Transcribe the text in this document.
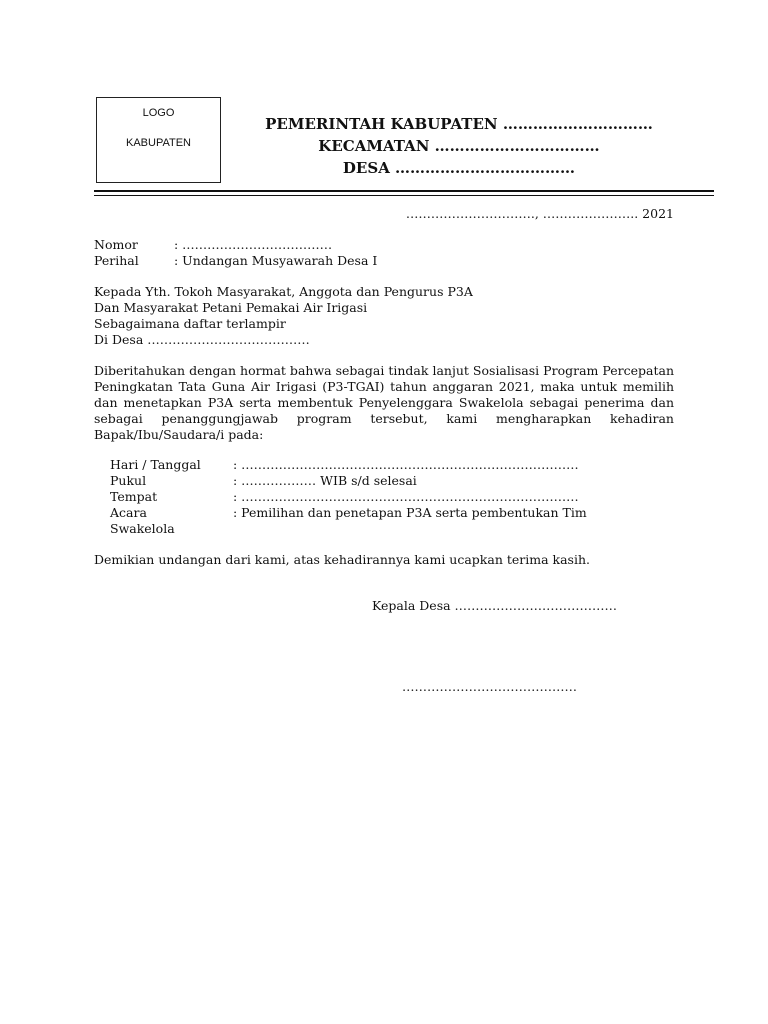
LOGO
KABUPATEN
PEMERINTAH KABUPATEN …………………………
KECAMATAN ……………………………
DESA ………………………………
…………………………., ………………….. 2021
Nomor	: ………………………………
Perihal	: Undangan Musyawarah Desa I
Kepada Yth. Tokoh Masyarakat, Anggota dan Pengurus P3A
Dan Masyarakat Petani Pemakai Air Irigasi
Sebagaimana daftar terlampir
Di Desa …………………………………
Diberitahukan dengan hormat bahwa sebagai tindak lanjut Sosialisasi Program Percepatan Peningkatan Tata Guna Air Irigasi (P3-TGAI) tahun anggaran 2021, maka untuk memilih dan menetapkan P3A serta membentuk Penyelenggara Swakelola sebagai penerima dan sebagai penanggungjawab program tersebut, kami mengharapkan kehadiran Bapak/Ibu/Saudara/i pada:
Hari / Tanggal	: ………………………………………………………………………
Pukul	: ……………… WIB s/d selesai
Tempat	: ………………………………………………………………………
Acara	: Pemilihan dan penetapan P3A serta pembentukan Tim
Swakelola
Demikian undangan dari kami, atas kehadirannya kami ucapkan terima kasih.
Kepala Desa …………………………………
……………………………………
